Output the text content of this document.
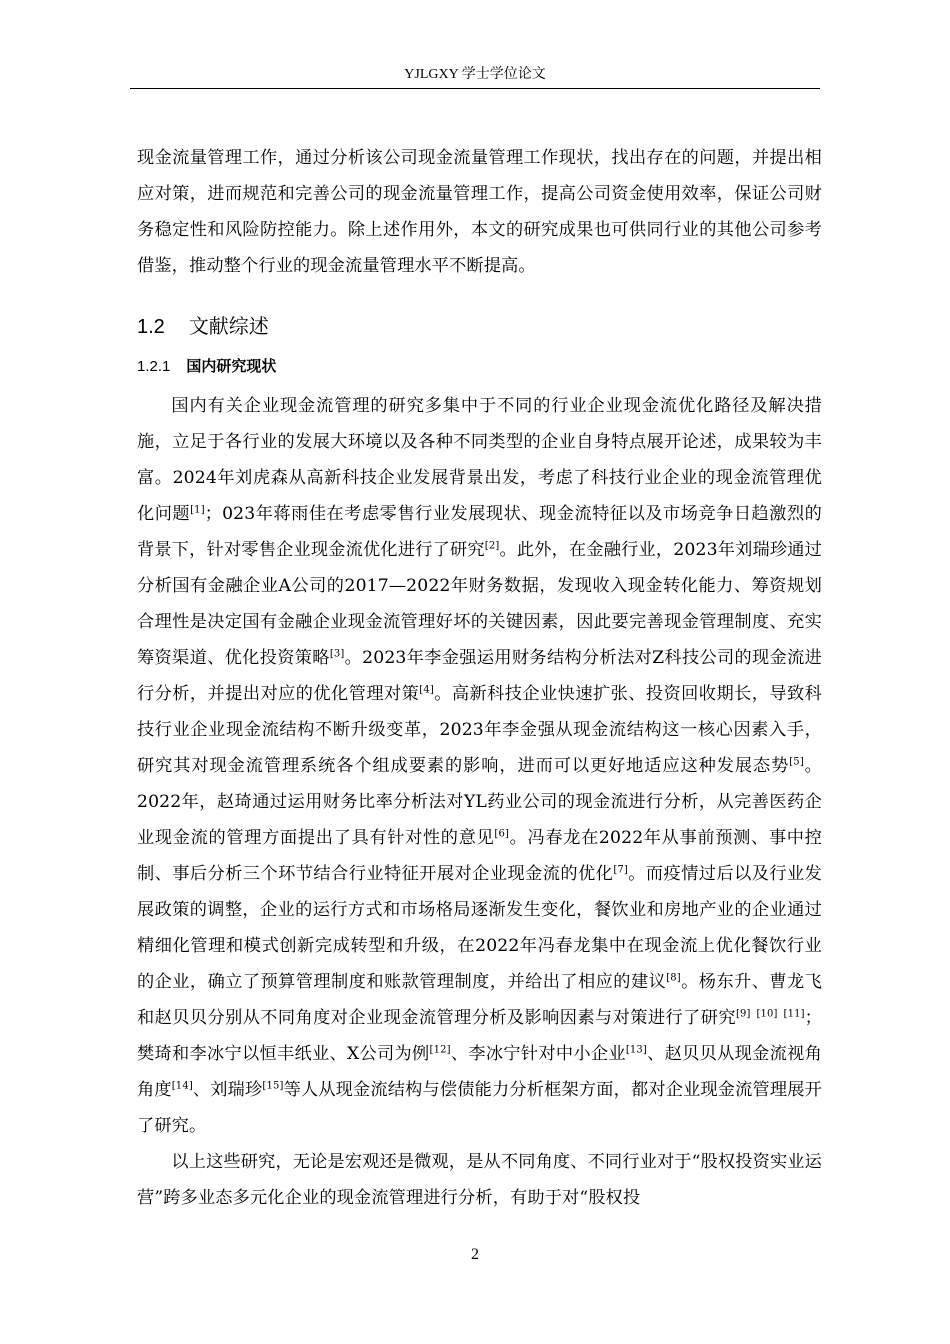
YJLGXY 学士学位论文

现金流量管理工作，通过分析该公司现金流量管理工作现状，找出存在的问题，并提出相应对策，进而规范和完善公司的现金流量管理工作，提高公司资金使用效率，保证公司财务稳定性和风险防控能力。除上述作用外，本文的研究成果也可供同行业的其他公司参考借鉴，推动整个行业的现金流量管理水平不断提高。

1.2 文献综述
1.2.1 国内研究现状

国内有关企业现金流管理的研究多集中于不同的行业企业现金流优化路径及解决措施，立足于各行业的发展大环境以及各种不同类型的企业自身特点展开论述，成果较为丰富。2024年刘虎森从高新科技企业发展背景出发，考虑了科技行业企业的现金流管理优化问题[1]；023年蒋雨佳在考虑零售行业发展现状、现金流特征以及市场竞争日趋激烈的背景下，针对零售企业现金流优化进行了研究[2]。此外，在金融行业，2023年刘瑞珍通过分析国有金融企业A公司的2017—2022年财务数据，发现收入现金转化能力、筹资规划合理性是决定国有金融企业现金流管理好坏的关键因素，因此要完善现金管理制度、充实筹资渠道、优化投资策略[3]。2023年李金强运用财务结构分析法对Z科技公司的现金流进行分析，并提出对应的优化管理对策[4]。高新科技企业快速扩张、投资回收期长，导致科技行业企业现金流结构不断升级变革，2023年李金强从现金流结构这一核心因素入手，研究其对现金流管理系统各个组成要素的影响，进而可以更好地适应这种发展态势[5]。2022年，赵琦通过运用财务比率分析法对YL药业公司的现金流进行分析，从完善医药企业现金流的管理方面提出了具有针对性的意见[6]。冯春龙在2022年从事前预测、事中控制、事后分析三个环节结合行业特征开展对企业现金流的优化[7]。而疫情过后以及行业发展政策的调整，企业的运行方式和市场格局逐渐发生变化，餐饮业和房地产业的企业通过精细化管理和模式创新完成转型和升级，在2022年冯春龙集中在现金流上优化餐饮行业的企业，确立了预算管理制度和账款管理制度，并给出了相应的建议[8]。杨东升、曹龙飞和赵贝贝分别从不同角度对企业现金流管理分析及影响因素与对策进行了研究[9] [10] [11]；樊琦和李冰宁以恒丰纸业、X公司为例[12]、李冰宁针对中小企业[13]、赵贝贝从现金流视角角度[14]、刘瑞珍[15]等人从现金流结构与偿债能力分析框架方面，都对企业现金流管理展开了研究。

以上这些研究，无论是宏观还是微观，是从不同角度、不同行业对于“股权投资实业运营”跨多业态多元化企业的现金流管理进行分析，有助于对“股权投

2
